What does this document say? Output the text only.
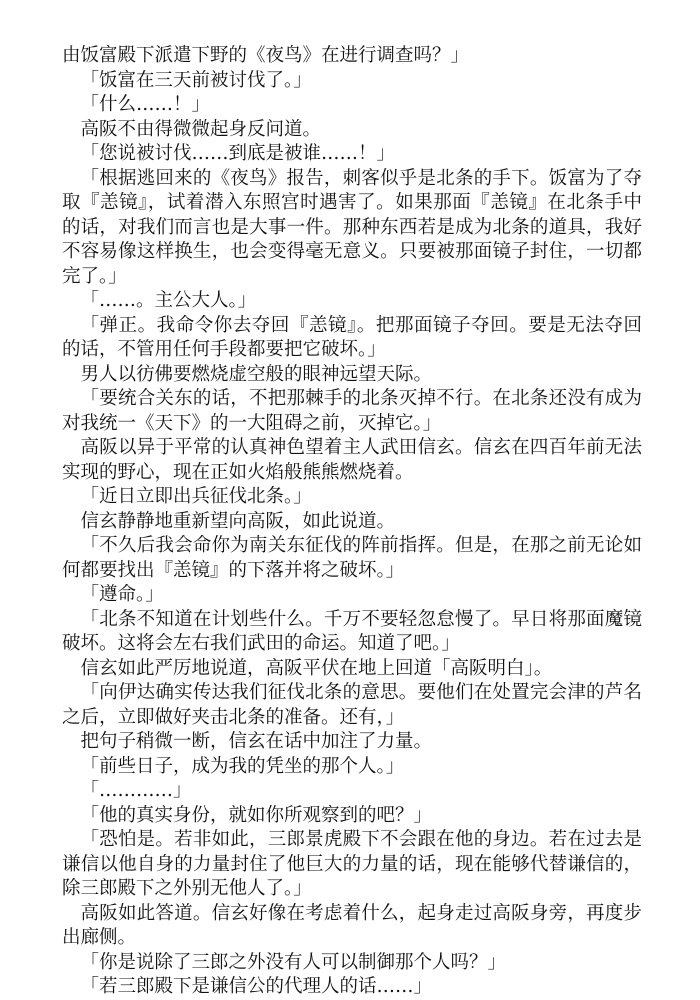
由饭富殿下派遣下野的《夜鸟》在进行调查吗？」

「饭富在三天前被讨伐了。」

「什么……！」

高阪不由得微微起身反问道。

「您说被讨伐……到底是被谁……！」

「根据逃回来的《夜鸟》报告，刺客似乎是北条的手下。饭富为了夺取『恙镜』，试着潜入东照宫时遇害了。如果那面『恙镜』在北条手中的话，对我们而言也是大事一件。那种东西若是成为北条的道具，我好不容易像这样换生，也会变得毫无意义。只要被那面镜子封住，一切都完了。」

「……。主公大人。」

「弹正。我命令你去夺回『恙镜』。把那面镜子夺回。要是无法夺回的话，不管用任何手段都要把它破坏。」

男人以彷佛要燃烧虚空般的眼神远望天际。

「要统合关东的话，不把那棘手的北条灭掉不行。在北条还没有成为对我统一《天下》的一大阻碍之前，灭掉它。」

高阪以异于平常的认真神色望着主人武田信玄。信玄在四百年前无法实现的野心，现在正如火焰般熊熊燃烧着。

「近日立即出兵征伐北条。」

信玄静静地重新望向高阪，如此说道。

「不久后我会命你为南关东征伐的阵前指挥。但是，在那之前无论如何都要找出『恙镜』的下落并将之破坏。」

「遵命。」

「北条不知道在计划些什么。千万不要轻忽怠慢了。早日将那面魔镜破坏。这将会左右我们武田的命运。知道了吧。」

信玄如此严厉地说道，高阪平伏在地上回道「高阪明白」。

「向伊达确实传达我们征伐北条的意思。要他们在处置完会津的芦名之后，立即做好夹击北条的准备。还有，」

把句子稍微一断，信玄在话中加注了力量。

「前些日子，成为我的凭坐的那个人。」

「…………」

「他的真实身份，就如你所观察到的吧？」

「恐怕是。若非如此，三郎景虎殿下不会跟在他的身边。若在过去是谦信以他自身的力量封住了他巨大的力量的话，现在能够代替谦信的，除三郎殿下之外别无他人了。」

高阪如此答道。信玄好像在考虑着什么，起身走过高阪身旁，再度步出廊侧。

「你是说除了三郎之外没有人可以制御那个人吗？」

「若三郎殿下是谦信公的代理人的话……」
